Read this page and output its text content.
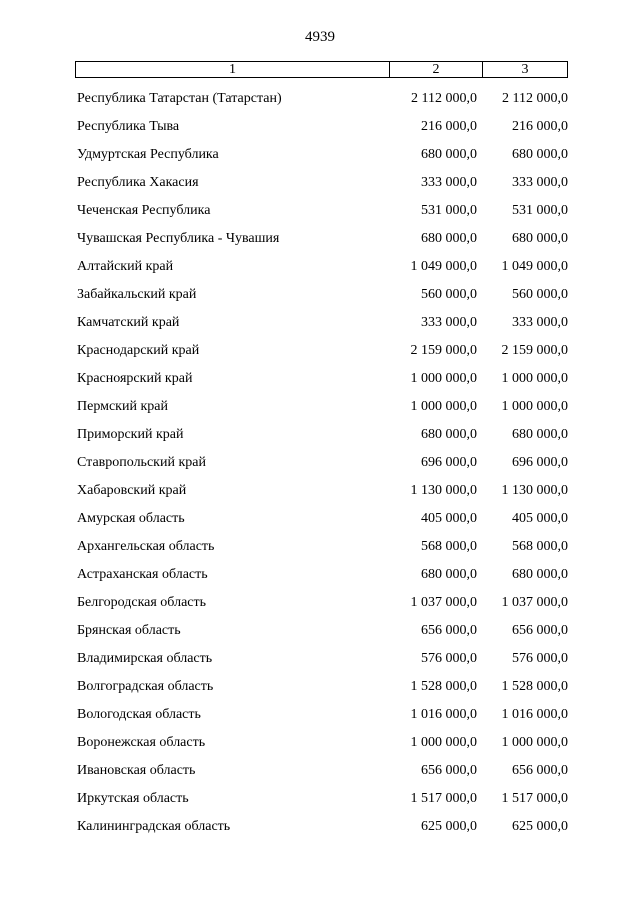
4939
1	2	3
Республика Татарстан (Татарстан)	2 112 000,0	2 112 000,0
Республика Тыва	216 000,0	216 000,0
Удмуртская Республика	680 000,0	680 000,0
Республика Хакасия	333 000,0	333 000,0
Чеченская Республика	531 000,0	531 000,0
Чувашская Республика - Чувашия	680 000,0	680 000,0
Алтайский край	1 049 000,0	1 049 000,0
Забайкальский край	560 000,0	560 000,0
Камчатский край	333 000,0	333 000,0
Краснодарский край	2 159 000,0	2 159 000,0
Красноярский край	1 000 000,0	1 000 000,0
Пермский край	1 000 000,0	1 000 000,0
Приморский край	680 000,0	680 000,0
Ставропольский край	696 000,0	696 000,0
Хабаровский край	1 130 000,0	1 130 000,0
Амурская область	405 000,0	405 000,0
Архангельская область	568 000,0	568 000,0
Астраханская область	680 000,0	680 000,0
Белгородская область	1 037 000,0	1 037 000,0
Брянская область	656 000,0	656 000,0
Владимирская область	576 000,0	576 000,0
Волгоградская область	1 528 000,0	1 528 000,0
Вологодская область	1 016 000,0	1 016 000,0
Воронежская область	1 000 000,0	1 000 000,0
Ивановская область	656 000,0	656 000,0
Иркутская область	1 517 000,0	1 517 000,0
Калининградская область	625 000,0	625 000,0
